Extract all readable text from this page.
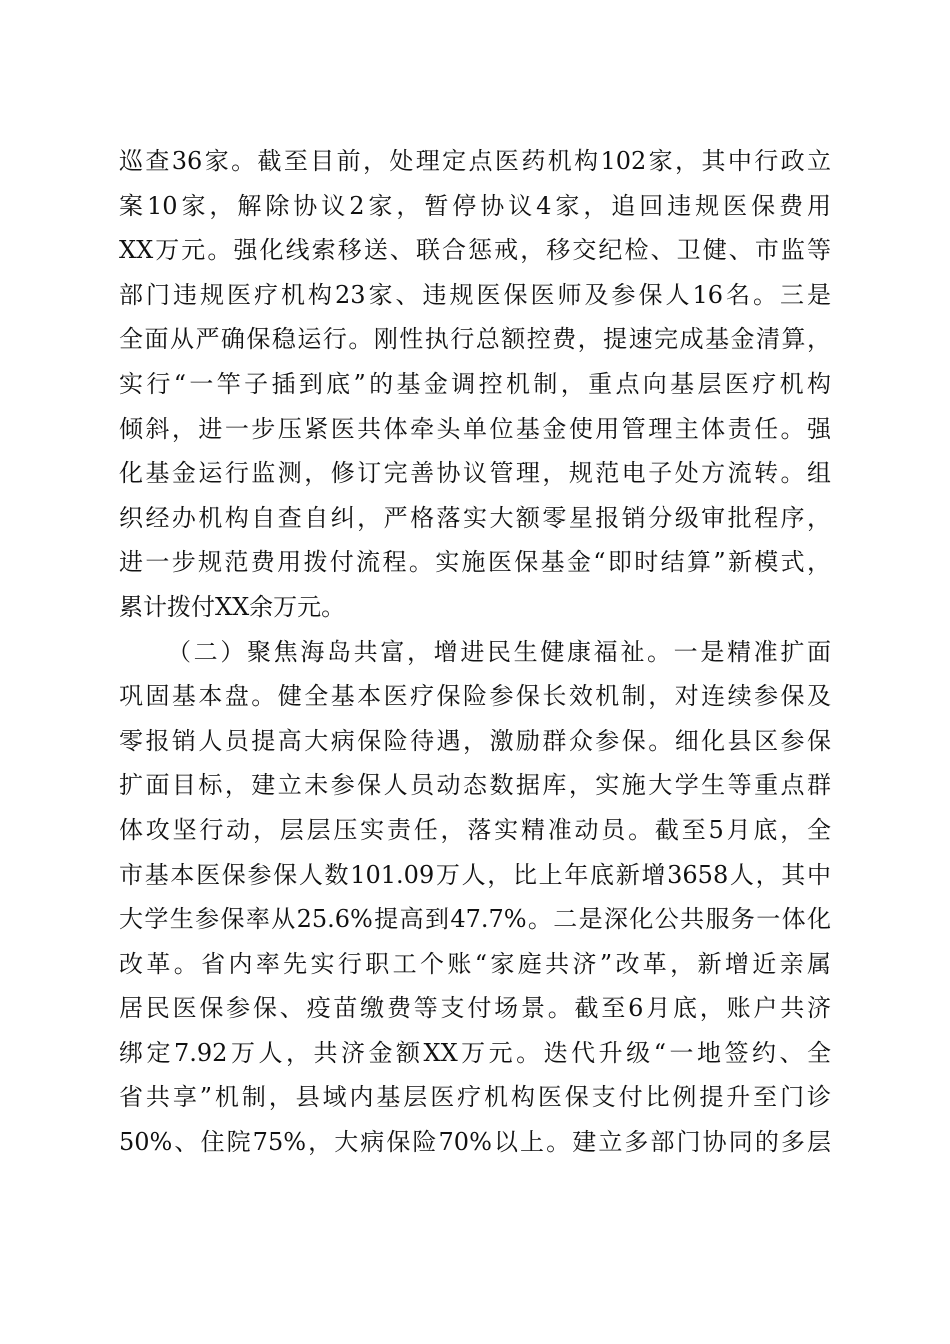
巡查36家。截至目前，处理定点医药机构102家，其中行政立
案10家，解除协议2家，暂停协议4家，追回违规医保费用
XX万元。强化线索移送、联合惩戒，移交纪检、卫健、市监等
部门违规医疗机构23家、违规医保医师及参保人16名。三是
全面从严确保稳运行。刚性执行总额控费，提速完成基金清算，
实行“一竿子插到底”的基金调控机制，重点向基层医疗机构
倾斜，进一步压紧医共体牵头单位基金使用管理主体责任。强
化基金运行监测，修订完善协议管理，规范电子处方流转。组
织经办机构自查自纠，严格落实大额零星报销分级审批程序，
进一步规范费用拨付流程。实施医保基金“即时结算”新模式，
累计拨付XX余万元。
（二）聚焦海岛共富，增进民生健康福祉。一是精准扩面
巩固基本盘。健全基本医疗保险参保长效机制，对连续参保及
零报销人员提高大病保险待遇，激励群众参保。细化县区参保
扩面目标，建立未参保人员动态数据库，实施大学生等重点群
体攻坚行动，层层压实责任，落实精准动员。截至5月底，全
市基本医保参保人数101.09万人，比上年底新增3658人，其中
大学生参保率从25.6%提高到47.7%。二是深化公共服务一体化
改革。省内率先实行职工个账“家庭共济”改革，新增近亲属
居民医保参保、疫苗缴费等支付场景。截至6月底，账户共济
绑定7.92万人，共济金额XX万元。迭代升级“一地签约、全
省共享”机制，县域内基层医疗机构医保支付比例提升至门诊
50%、住院75%，大病保险70%以上。建立多部门协同的多层
